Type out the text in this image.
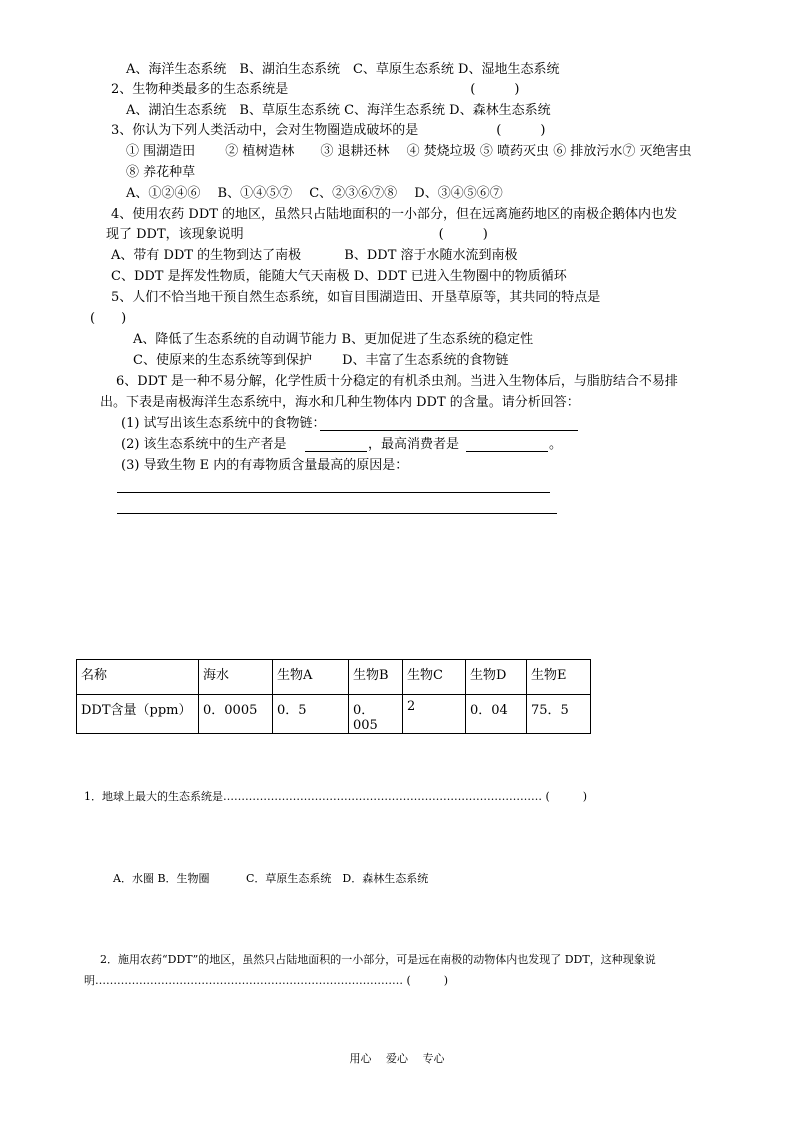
A、海洋生态系统　B、湖泊生态系统　C、草原生态系统 D、湿地生态系统
2、生物种类最多的生态系统是　　　　　　　　　　　　　　(　　　)
A、湖泊生态系统　B、草原生态系统 C、海洋生态系统 D、森林生态系统
3、你认为下列人类活动中，会对生物圈造成破坏的是　　　　　　(　　　)
① 围湖造田　　 ② 植树造林　　③ 退耕还林　 ④ 焚烧垃圾 ⑤ 喷药灭虫 ⑥ 排放污水⑦ 灭绝害虫
⑧ 养花种草
A、①②④⑥　 B、①④⑤⑦　 C、②③⑥⑦⑧　 D、③④⑤⑥⑦
4、使用农药 DDT 的地区，虽然只占陆地面积的一小部分，但在远离施药地区的南极企鹅体内也发
现了 DDT，该现象说明　　　　　　　　　　　　　　　(　　　)
A、带有 DDT 的生物到达了南极　　　 B、DDT 溶于水随水流到南极
C、DDT 是挥发性物质，能随大气天南极 D、DDT 已进入生物圈中的物质循环
5、人们不恰当地干预自然生态系统，如盲目围湖造田、开垦草原等，其共同的特点是
(　　)
A、降低了生态系统的自动调节能力 B、更加促进了生态系统的稳定性
C、使原来的生态系统等到保护　　 D、丰富了生态系统的食物链
6、DDT 是一种不易分解，化学性质十分稳定的有机杀虫剂。当进入生物体后，与脂肪结合不易排
出。下表是南极海洋生态系统中，海水和几种生物体内 DDT 的含量。请分析回答：
(1) 试写出该生态系统中的食物链：
(2) 该生态系统中的生产者是	，最高消费者是	。
(3) 导致生物 E 内的有毒物质含量最高的原因是：
名称	海水	生物A	生物B	生物C	生物D	生物E
DDT含量（ppm）	0．0005	0．5	0．005	2	0．04	75．5
1．地球上最大的生态系统是…………………………………………………………………………… (　　　)
A．水圈 B．生物圈　　　 C．草原生态系统　D．森林生态系统
2．施用农药“DDT”的地区，虽然只占陆地面积的一小部分，可是远在南极的动物体内也发现了 DDT，这种现象说
明………………………………………………………………………… (　　　)
用心　 爱心　 专心
